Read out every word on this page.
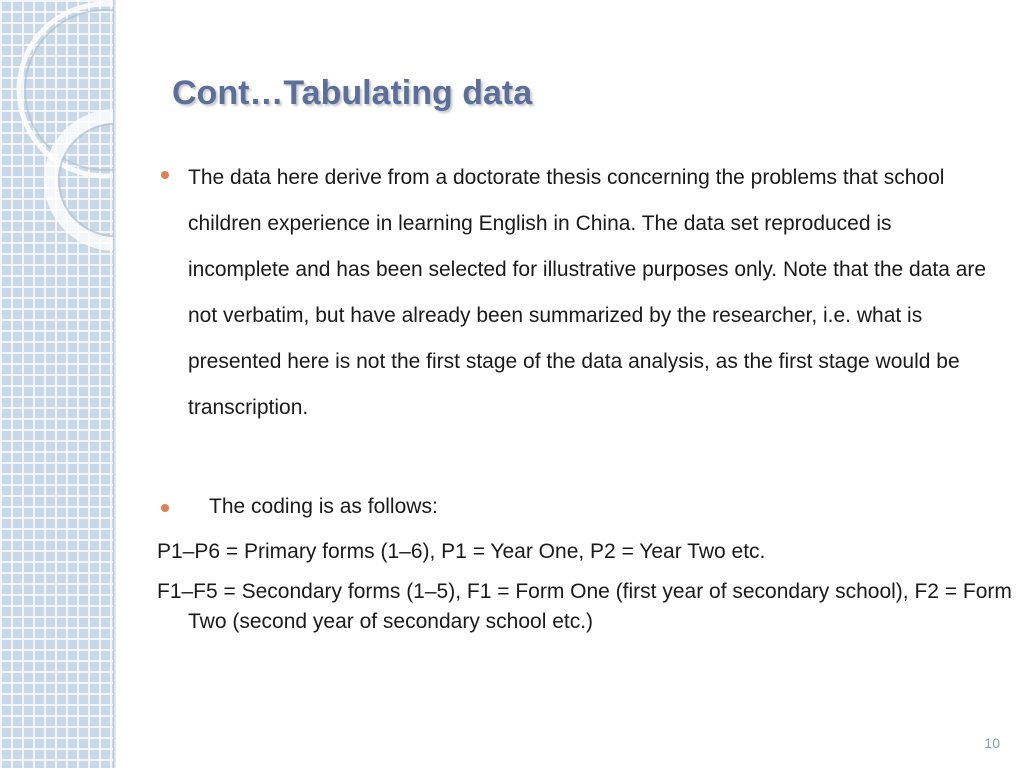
Cont…Tabulating data

The data here derive from a doctorate thesis concerning the problems that school children experience in learning English in China. The data set reproduced is incomplete and has been selected for illustrative purposes only. Note that the data are not verbatim, but have already been summarized by the researcher, i.e. what is presented here is not the first stage of the data analysis, as the first stage would be transcription.

The coding is as follows:

P1–P6 = Primary forms (1–6), P1 = Year One, P2 = Year Two etc.

F1–F5 = Secondary forms (1–5), F1 = Form One (first year of secondary school), F2 = Form Two (second year of secondary school etc.)

10
